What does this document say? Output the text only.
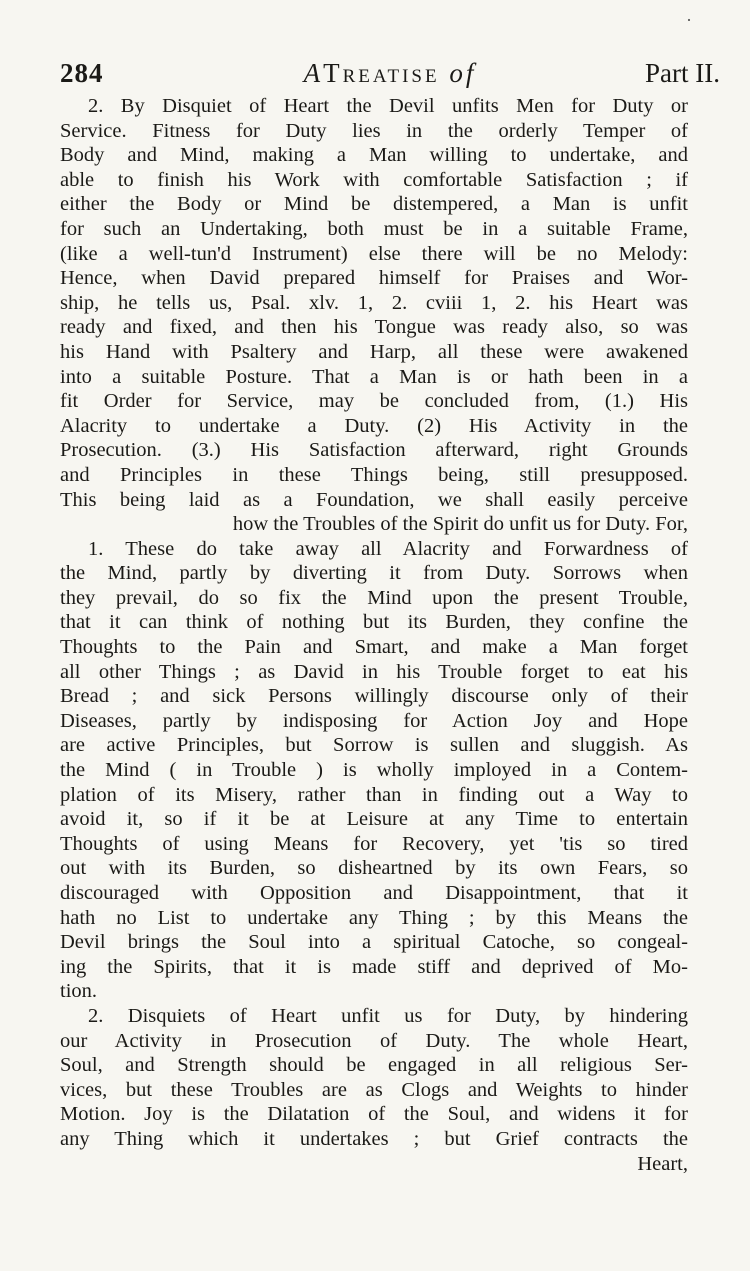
·
284	ATreatise of	Part II.
2. By Disquiet of Heart the Devil unfits Men for Duty or
Service. Fitness for Duty lies in the orderly Temper of
Body and Mind, making a Man willing to undertake, and
able to finish his Work with comfortable Satisfaction ; if
either the Body or Mind be distempered, a Man is unfit
for such an Undertaking, both must be in a suitable Frame,
(like a well-tun'd Instrument) else there will be no Melody:
Hence, when David prepared himself for Praises and Wor-
ship, he tells us, Psal. xlv. 1, 2. cviii 1, 2. his Heart was
ready and fixed, and then his Tongue was ready also, so was
his Hand with Psaltery and Harp, all these were awakened
into a suitable Posture. That a Man is or hath been in a
fit Order for Service, may be concluded from, (1.) His
Alacrity to undertake a Duty. (2) His Activity in the
Prosecution. (3.) His Satisfaction afterward, right Grounds
and Principles in these Things being, still presupposed.
This being laid as a Foundation, we shall easily perceive
how the Troubles of the Spirit do unfit us for Duty. For,
1. These do take away all Alacrity and Forwardness of
the Mind, partly by diverting it from Duty. Sorrows when
they prevail, do so fix the Mind upon the present Trouble,
that it can think of nothing but its Burden, they confine the
Thoughts to the Pain and Smart, and make a Man forget
all other Things ; as David in his Trouble forget to eat his
Bread ; and sick Persons willingly discourse only of their
Diseases, partly by indisposing for Action Joy and Hope
are active Principles, but Sorrow is sullen and sluggish. As
the Mind ( in Trouble ) is wholly imployed in a Contem-
plation of its Misery, rather than in finding out a Way to
avoid it, so if it be at Leisure at any Time to entertain
Thoughts of using Means for Recovery, yet 'tis so tired
out with its Burden, so disheartned by its own Fears, so
discouraged with Opposition and Disappointment, that it
hath no List to undertake any Thing ; by this Means the
Devil brings the Soul into a spiritual Catoche, so congeal-
ing the Spirits, that it is made stiff and deprived of Mo-
tion.
2. Disquiets of Heart unfit us for Duty, by hindering
our Activity in Prosecution of Duty. The whole Heart,
Soul, and Strength should be engaged in all religious Ser-
vices, but these Troubles are as Clogs and Weights to hinder
Motion. Joy is the Dilatation of the Soul, and widens it for
any Thing which it undertakes ; but Grief contracts the
Heart,
